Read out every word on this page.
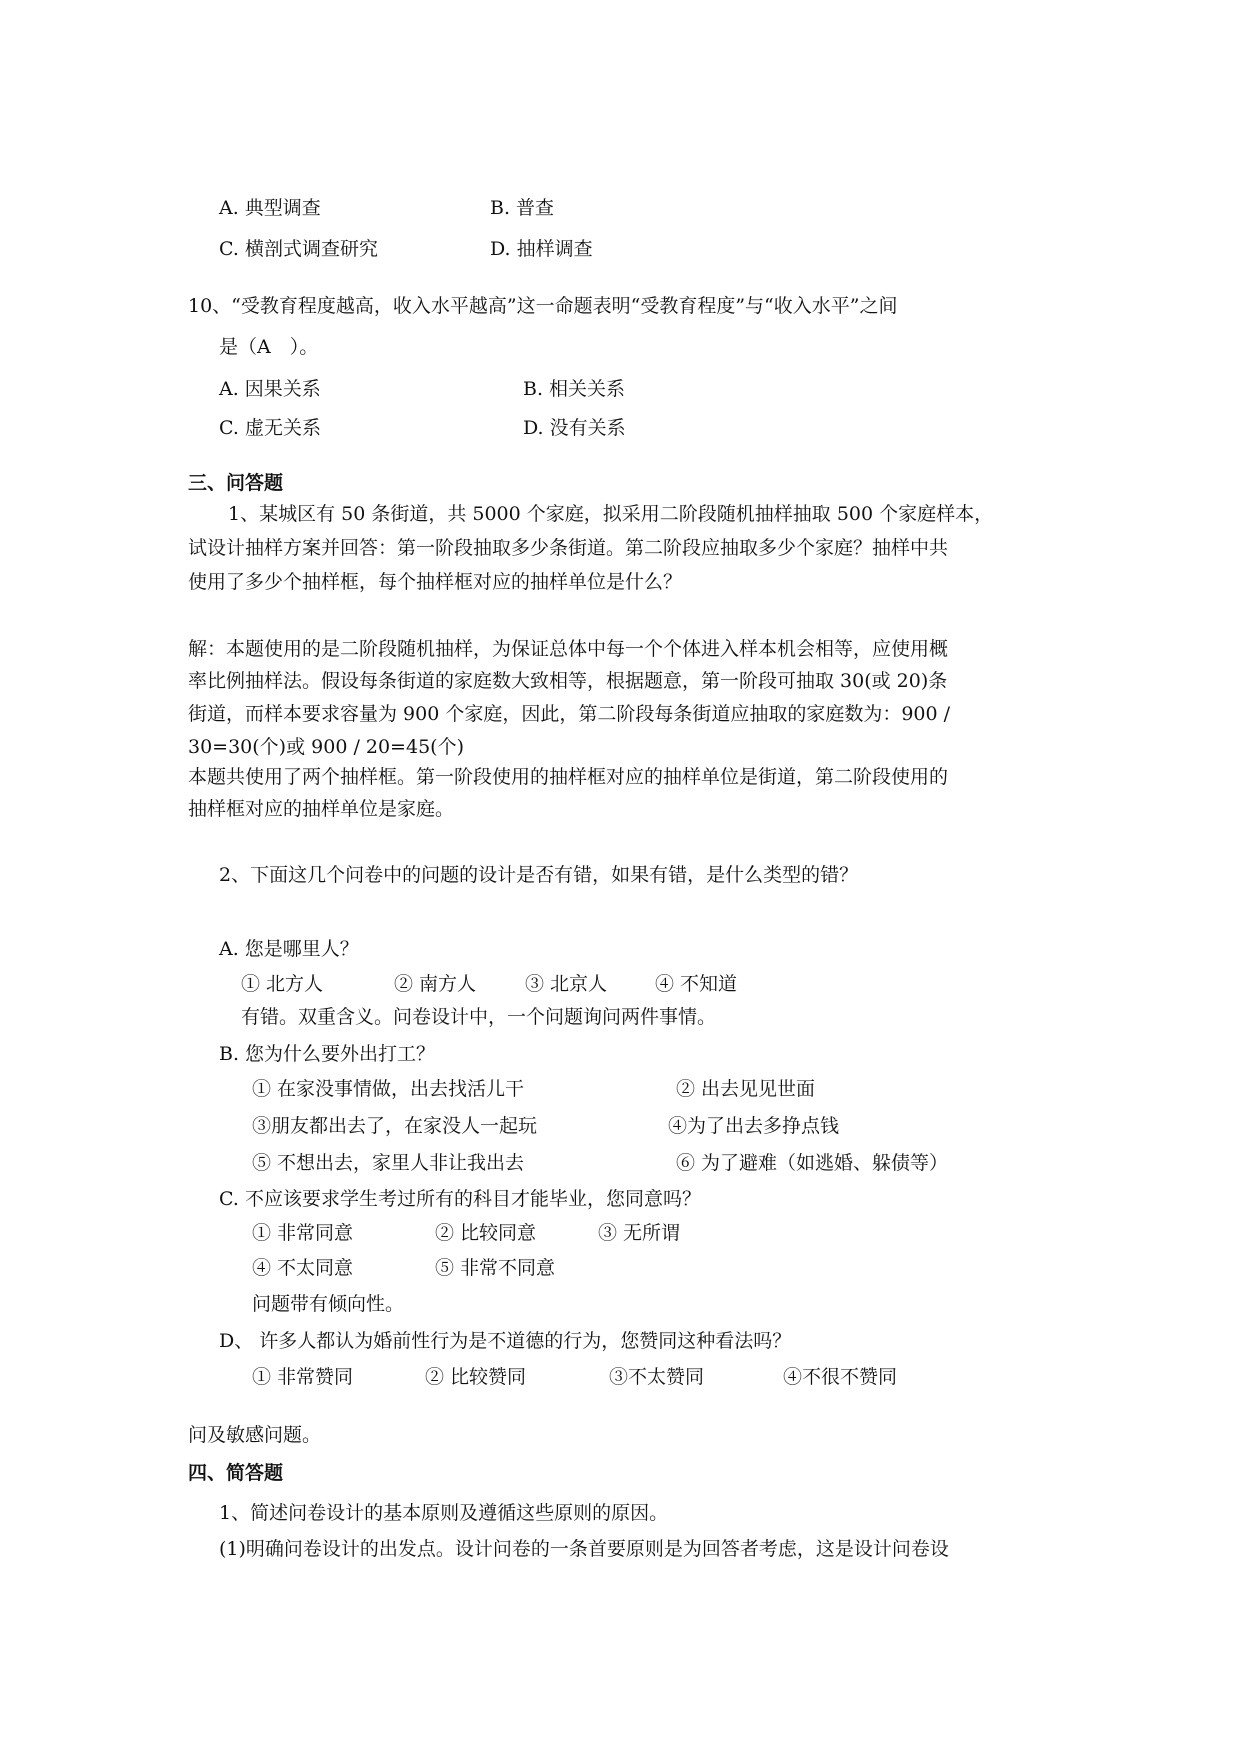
A. 典型调查	B. 普查
C. 横剖式调查研究	D. 抽样调查
10、“受教育程度越高，收入水平越高”这一命题表明“受教育程度”与“收入水平”之间
是（A　）。
A. 因果关系	B. 相关关系
C. 虚无关系	D. 没有关系
三、问答题
1、某城区有 50 条街道，共 5000 个家庭，拟采用二阶段随机抽样抽取 500 个家庭样本，
试设计抽样方案并回答：第一阶段抽取多少条街道。第二阶段应抽取多少个家庭？抽样中共
使用了多少个抽样框，每个抽样框对应的抽样单位是什么？
解：本题使用的是二阶段随机抽样，为保证总体中每一个个体进入样本机会相等，应使用概
率比例抽样法。假设每条街道的家庭数大致相等，根据题意，第一阶段可抽取 30(或 20)条
街道，而样本要求容量为 900 个家庭，因此，第二阶段每条街道应抽取的家庭数为：900 /
30=30(个)或 900 / 20=45(个)
本题共使用了两个抽样框。第一阶段使用的抽样框对应的抽样单位是街道，第二阶段使用的
抽样框对应的抽样单位是家庭。
2、下面这几个问卷中的问题的设计是否有错，如果有错，是什么类型的错？
A. 您是哪里人？
① 北方人	② 南方人	③ 北京人	④ 不知道
有错。双重含义。问卷设计中，一个问题询问两件事情。
B. 您为什么要外出打工？
① 在家没事情做，出去找活儿干	② 出去见见世面
③朋友都出去了，在家没人一起玩	④为了出去多挣点钱
⑤ 不想出去，家里人非让我出去	⑥ 为了避难（如逃婚、躲债等）
C. 不应该要求学生考过所有的科目才能毕业，您同意吗？
① 非常同意	② 比较同意	③ 无所谓
④ 不太同意	⑤ 非常不同意
问题带有倾向性。
D、 许多人都认为婚前性行为是不道德的行为，您赞同这种看法吗？
① 非常赞同	② 比较赞同	③不太赞同	④不很不赞同
问及敏感问题。
四、简答题
1、简述问卷设计的基本原则及遵循这些原则的原因。
(1)明确问卷设计的出发点。设计问卷的一条首要原则是为回答者考虑，这是设计问卷设
